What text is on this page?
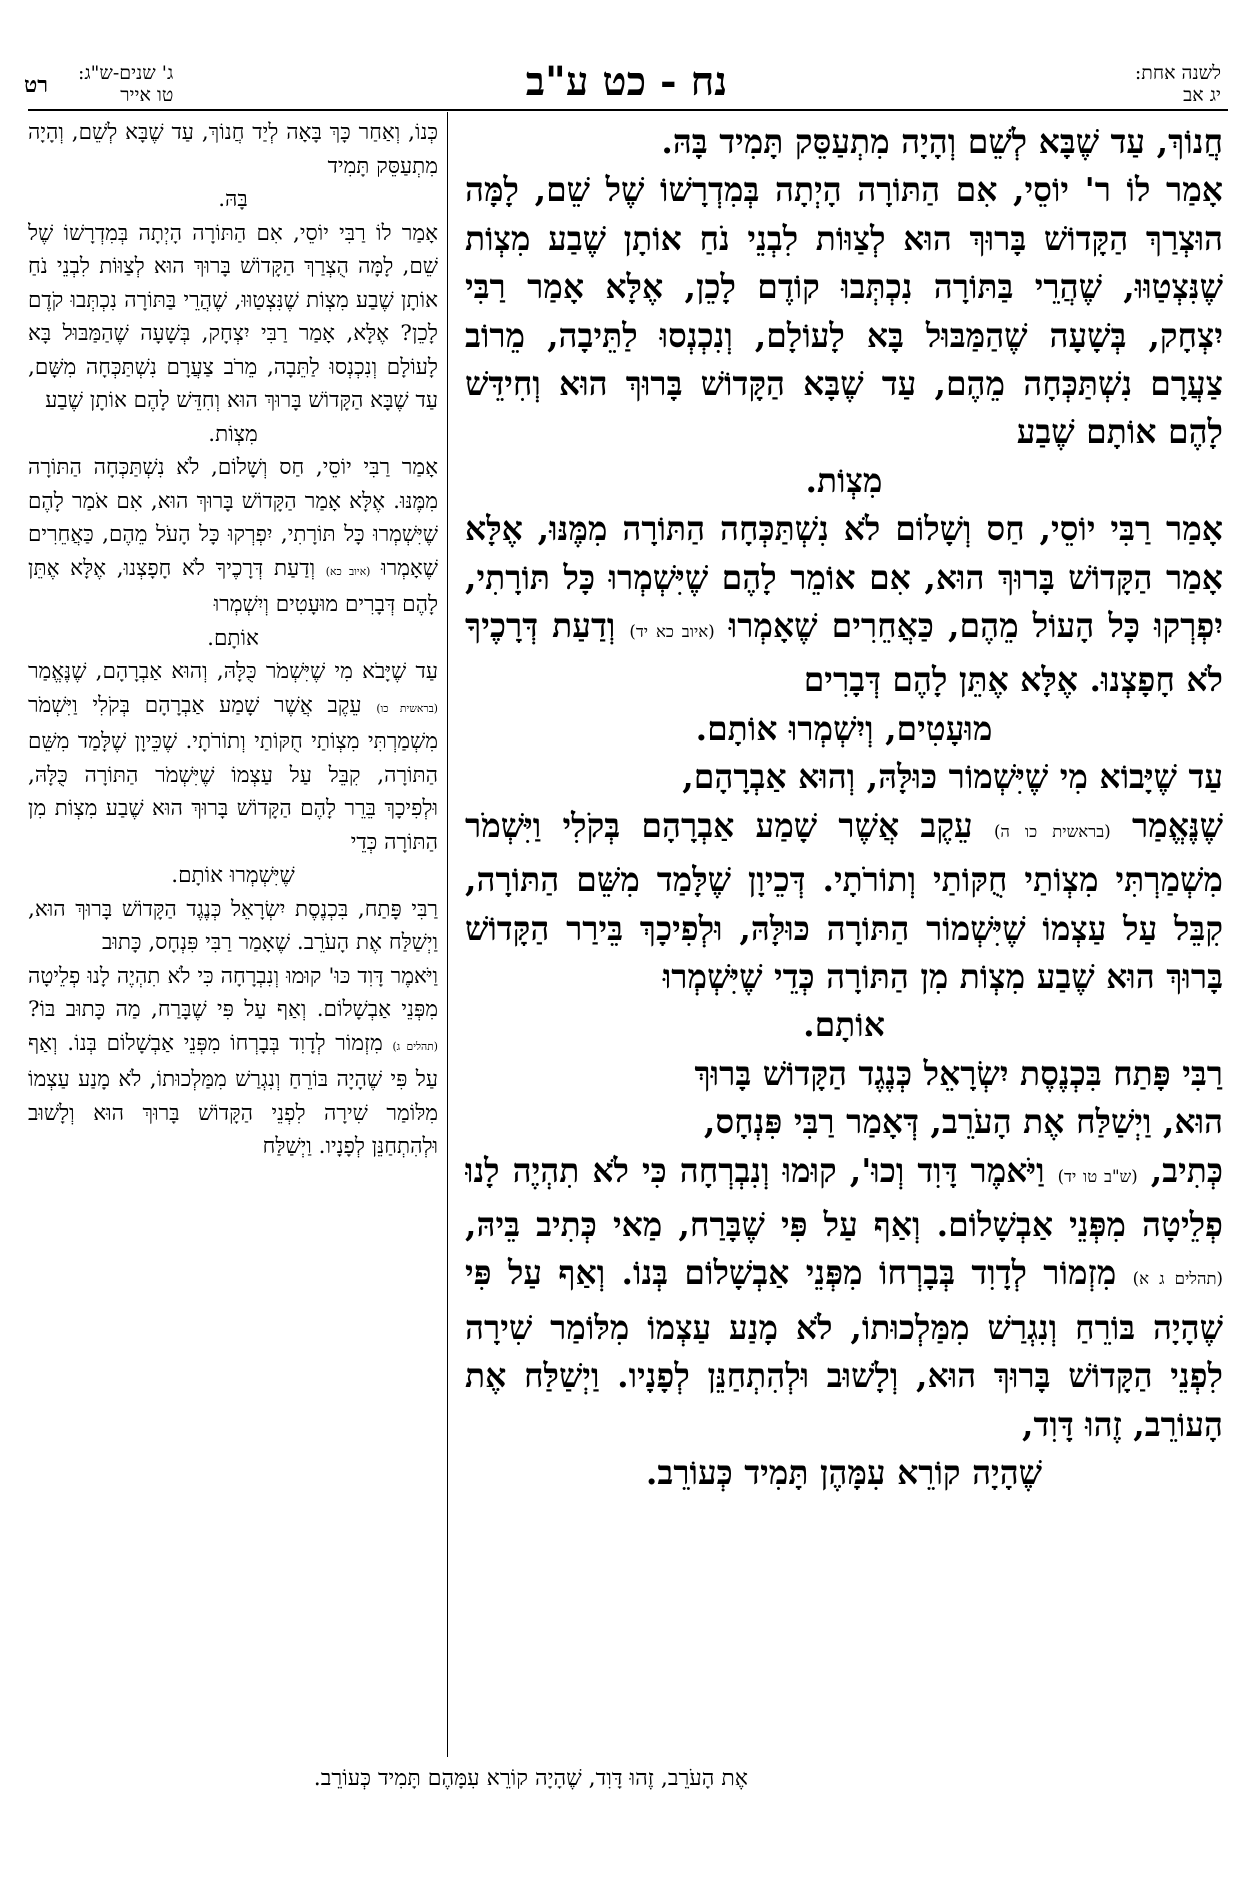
לשנה אחת:
יג אב
נח - כט ע"ב
ג' שנים-ש"ג:
טו אייר
רט

חֲנוֹךְ, עַד שֶׁבָּא לְשֵׁם וְהָיָה מִתְעַסֵּק תָּמִיד בָּהּ.

אָמַר לוֹ ר' יוֹסֵי, אִם הַתּוֹרָה הָיְתָה בְּמִדְרָשׁוֹ שֶׁל שֵׁם, לָמָּה הוּצְרַךְ הַקָּדוֹשׁ בָּרוּךְ הוּא לְצַוּוֹת לִבְנֵי נֹחַ אוֹתָן שֶׁבַע מִצְוֹת שֶׁנִּצְטַוּוּ, שֶׁהֲרֵי בַּתּוֹרָה נִכְתְּבוּ קוֹדֶם לָכֵן, אֶלָּא אָמַר רַבִּי יִצְחָק, בְּשָׁעָה שֶׁהַמַּבּוּל בָּא לָעוֹלָם, וְנִכְנְסוּ לַתֵּיבָה, מֵרוֹב צַעֲרָם נִשְׁתַּכְּחָה מֵהֶם, עַד שֶׁבָּא הַקָּדוֹשׁ בָּרוּךְ הוּא וְחִידֵּשׁ לָהֶם אוֹתָם שֶׁבַע

מִצְוֹת.

אָמַר רַבִּי יוֹסֵי, חַס וְשָׁלוֹם לֹא נִשְׁתַּכְּחָה הַתּוֹרָה מִמֶּנּוּ, אֶלָּא אָמַר הַקָּדוֹשׁ בָּרוּךְ הוּא, אִם אוֹמֵר לָהֶם שֶׁיִּשְׁמְרוּ כָּל תּוֹרָתִי, יִפְרְקוּ כָּל הָעוֹל מֵהֶם, כַּאֲחֵרִים שֶׁאָמְרוּ (איוב כא יד) וְדַעַת דְּרָכֶיךָ לֹא חָפָצְנוּ. אֶלָּא אֶתֵּן לָהֶם דְּבָרִים

מוּעָטִים, וְיִשְׁמְרוּ אוֹתָם.

עַד שֶׁיָּבוֹא מִי שֶׁיִּשְׁמוֹר כּוּלָּהּ, וְהוּא אַבְרָהָם,

שֶׁנֶּאֱמַר (בראשית כו ה) עֵקֶב אֲשֶׁר שָׁמַע אַבְרָהָם בְּקֹלִי וַיִּשְׁמֹר מִשְׁמַרְתִּי מִצְוֹתַי חֻקּוֹתַי וְתוֹרֹתָי. דְּכֵיוָן שֶׁלָּמַד מִשֵּׁם הַתּוֹרָה, קִבֵּל עַל עַצְמוֹ שֶׁיִּשְׁמוֹר הַתּוֹרָה כּוּלָּהּ, וּלְפִיכָךְ בֵּירַר הַקָּדוֹשׁ בָּרוּךְ הוּא שֶׁבַע מִצְוֹת מִן הַתּוֹרָה כְּדֵי שֶׁיִּשְׁמְרוּ

אוֹתָם.

רַבִּי פָּתַח בִּכְנֶסֶת יִשְׂרָאֵל כְּנֶגֶד הַקָּדוֹשׁ בָּרוּךְ

הוּא, וַיְשַׁלַּח אֶת הָעֹרֵב, דְּאָמַר רַבִּי פִּנְחָס,

כְּתִיב, (ש"ב טו יד) וַיֹּאמֶר דָּוִד וְכוּ', קוּמוּ וְנִבְרְחָה כִּי לֹא תִהְיֶה לָנוּ פְלֵיטָה מִפְּנֵי אַבְשָׁלוֹם. וְאַף עַל פִּי שֶׁבָּרַח, מַאי כְּתִיב בֵּיהּ, (תהלים ג א) מִזְמוֹר לְדָוִד בְּבָרְחוֹ מִפְּנֵי אַבְשָׁלוֹם בְּנוֹ. וְאַף עַל פִּי שֶׁהָיָה בּוֹרֵחַ וְנִגְרַשׁ מִמַּלְכוּתוֹ, לֹא מָנַע עַצְמוֹ מִלּוֹמַר שִׁירָה לִפְנֵי הַקָּדוֹשׁ בָּרוּךְ הוּא, וְלָשׁוּב וּלְהִתְחַנֵּן לְפָנָיו. וַיְשַׁלַּח אֶת הָעוֹרֵב, זֶהוּ דָּוִד,

שֶׁהָיָה קוֹרֵא עִמָּהֶן תָּמִיד כְּעוֹרֵב.

כְּנוֹ, וְאַחַר כָּךְ בָּאָה לְיַד חֲנוֹךְ, עַד שֶׁבָּא לְשֵׁם, וְהָיָה מִתְעַסֵּק תָּמִיד

בָּהּ.

אָמַר לוֹ רַבִּי יוֹסֵי, אִם הַתּוֹרָה הָיְתָה בְּמִדְרָשׁוֹ שֶׁל שֵׁם, לָמָּה הֻצְרַךְ הַקָּדוֹשׁ בָּרוּךְ הוּא לְצַוּוֹת לִבְנֵי נֹחַ אוֹתָן שֶׁבַע מִצְוֹת שֶׁנִּצְטַוּוּ, שֶׁהֲרֵי בַּתּוֹרָה נִכְתְּבוּ קֹדֶם לָכֵן? אֶלָּא, אָמַר רַבִּי יִצְחָק, בְּשָׁעָה שֶׁהַמַּבּוּל בָּא לָעוֹלָם וְנִכְנְסוּ לַתֵּבָה, מֵרֹב צַעֲרָם נִשְׁתַּכְּחָה מִשָּׁם, עַד שֶׁבָּא הַקָּדוֹשׁ בָּרוּךְ הוּא וְחִדֵּשׁ לָהֶם אוֹתָן שֶׁבַע

מִצְוֹת.

אָמַר רַבִּי יוֹסֵי, חַס וְשָׁלוֹם, לֹא נִשְׁתַּכְּחָה הַתּוֹרָה מִמֶּנּוּ. אֶלָּא אָמַר הַקָּדוֹשׁ בָּרוּךְ הוּא, אִם אֹמַר לָהֶם שֶׁיִּשְׁמְרוּ כָּל תּוֹרָתִי, יִפְרְקוּ כָּל הָעֹל מֵהֶם, כַּאֲחֵרִים שֶׁאָמְרוּ (איוב כא) וְדַעַת דְּרָכֶיךָ לֹא חָפָצְנוּ, אֶלָּא אֶתֵּן לָהֶם דְּבָרִים מוּעָטִים וְיִשְׁמְרוּ

אוֹתָם.

עַד שֶׁיָּבֹא מִי שֶׁיִּשְׁמֹר כֻּלָּהּ, וְהוּא אַבְרָהָם, שֶׁנֶּאֱמַר (בראשית כו) עֵקֶב אֲשֶׁר שָׁמַע אַבְרָהָם בְּקֹלִי וַיִּשְׁמֹר מִשְׁמַרְתִּי מִצְוֹתַי חֻקּוֹתַי וְתוֹרֹתָי. שֶׁכֵּיוָן שֶׁלָּמַד מִשֵּׁם הַתּוֹרָה, קִבֵּל עַל עַצְמוֹ שֶׁיִּשְׁמֹר הַתּוֹרָה כֻּלָּהּ, וּלְפִיכָךְ בֵּרֵר לָהֶם הַקָּדוֹשׁ בָּרוּךְ הוּא שֶׁבַע מִצְוֹת מִן הַתּוֹרָה כְּדֵי

שֶׁיִּשְׁמְרוּ אוֹתָם.

רַבִּי פָּתַח, בִּכְנֶסֶת יִשְׂרָאֵל כְּנֶגֶד הַקָּדוֹשׁ בָּרוּךְ הוּא, וַיְשַׁלַּח אֶת הָעֹרֵב. שֶׁאָמַר רַבִּי פִּנְחָס, כָּתוּב

וַיֹּאמֶר דָּוִד כּוּ' קוּמוּ וְנִבְרָחָה כִּי לֹא תִהְיֶה לָנוּ פְלֵיטָה מִפְּנֵי אַבְשָׁלוֹם. וְאַף עַל פִּי שֶׁבָּרַח, מַה כָּתוּב בּוֹ? (תהלים ג) מִזְמוֹר לְדָוִד בְּבָרְחוֹ מִפְּנֵי אַבְשָׁלוֹם בְּנוֹ. וְאַף עַל פִּי שֶׁהָיָה בּוֹרֵחַ וְנִגְרַשׁ מִמַּלְכוּתוֹ, לֹא מָנַע עַצְמוֹ מִלּוֹמַר שִׁירָה לִפְנֵי הַקָּדוֹשׁ בָּרוּךְ הוּא וְלָשׁוּב וּלְהִתְחַנֵּן לְפָנָיו. וַיְשַׁלַּח

אֶת הָעֹרֵב, זֶהוּ דָּוִד, שֶׁהָיָה קוֹרֵא עִמָּהֶם תָּמִיד כְּעוֹרֵב.
